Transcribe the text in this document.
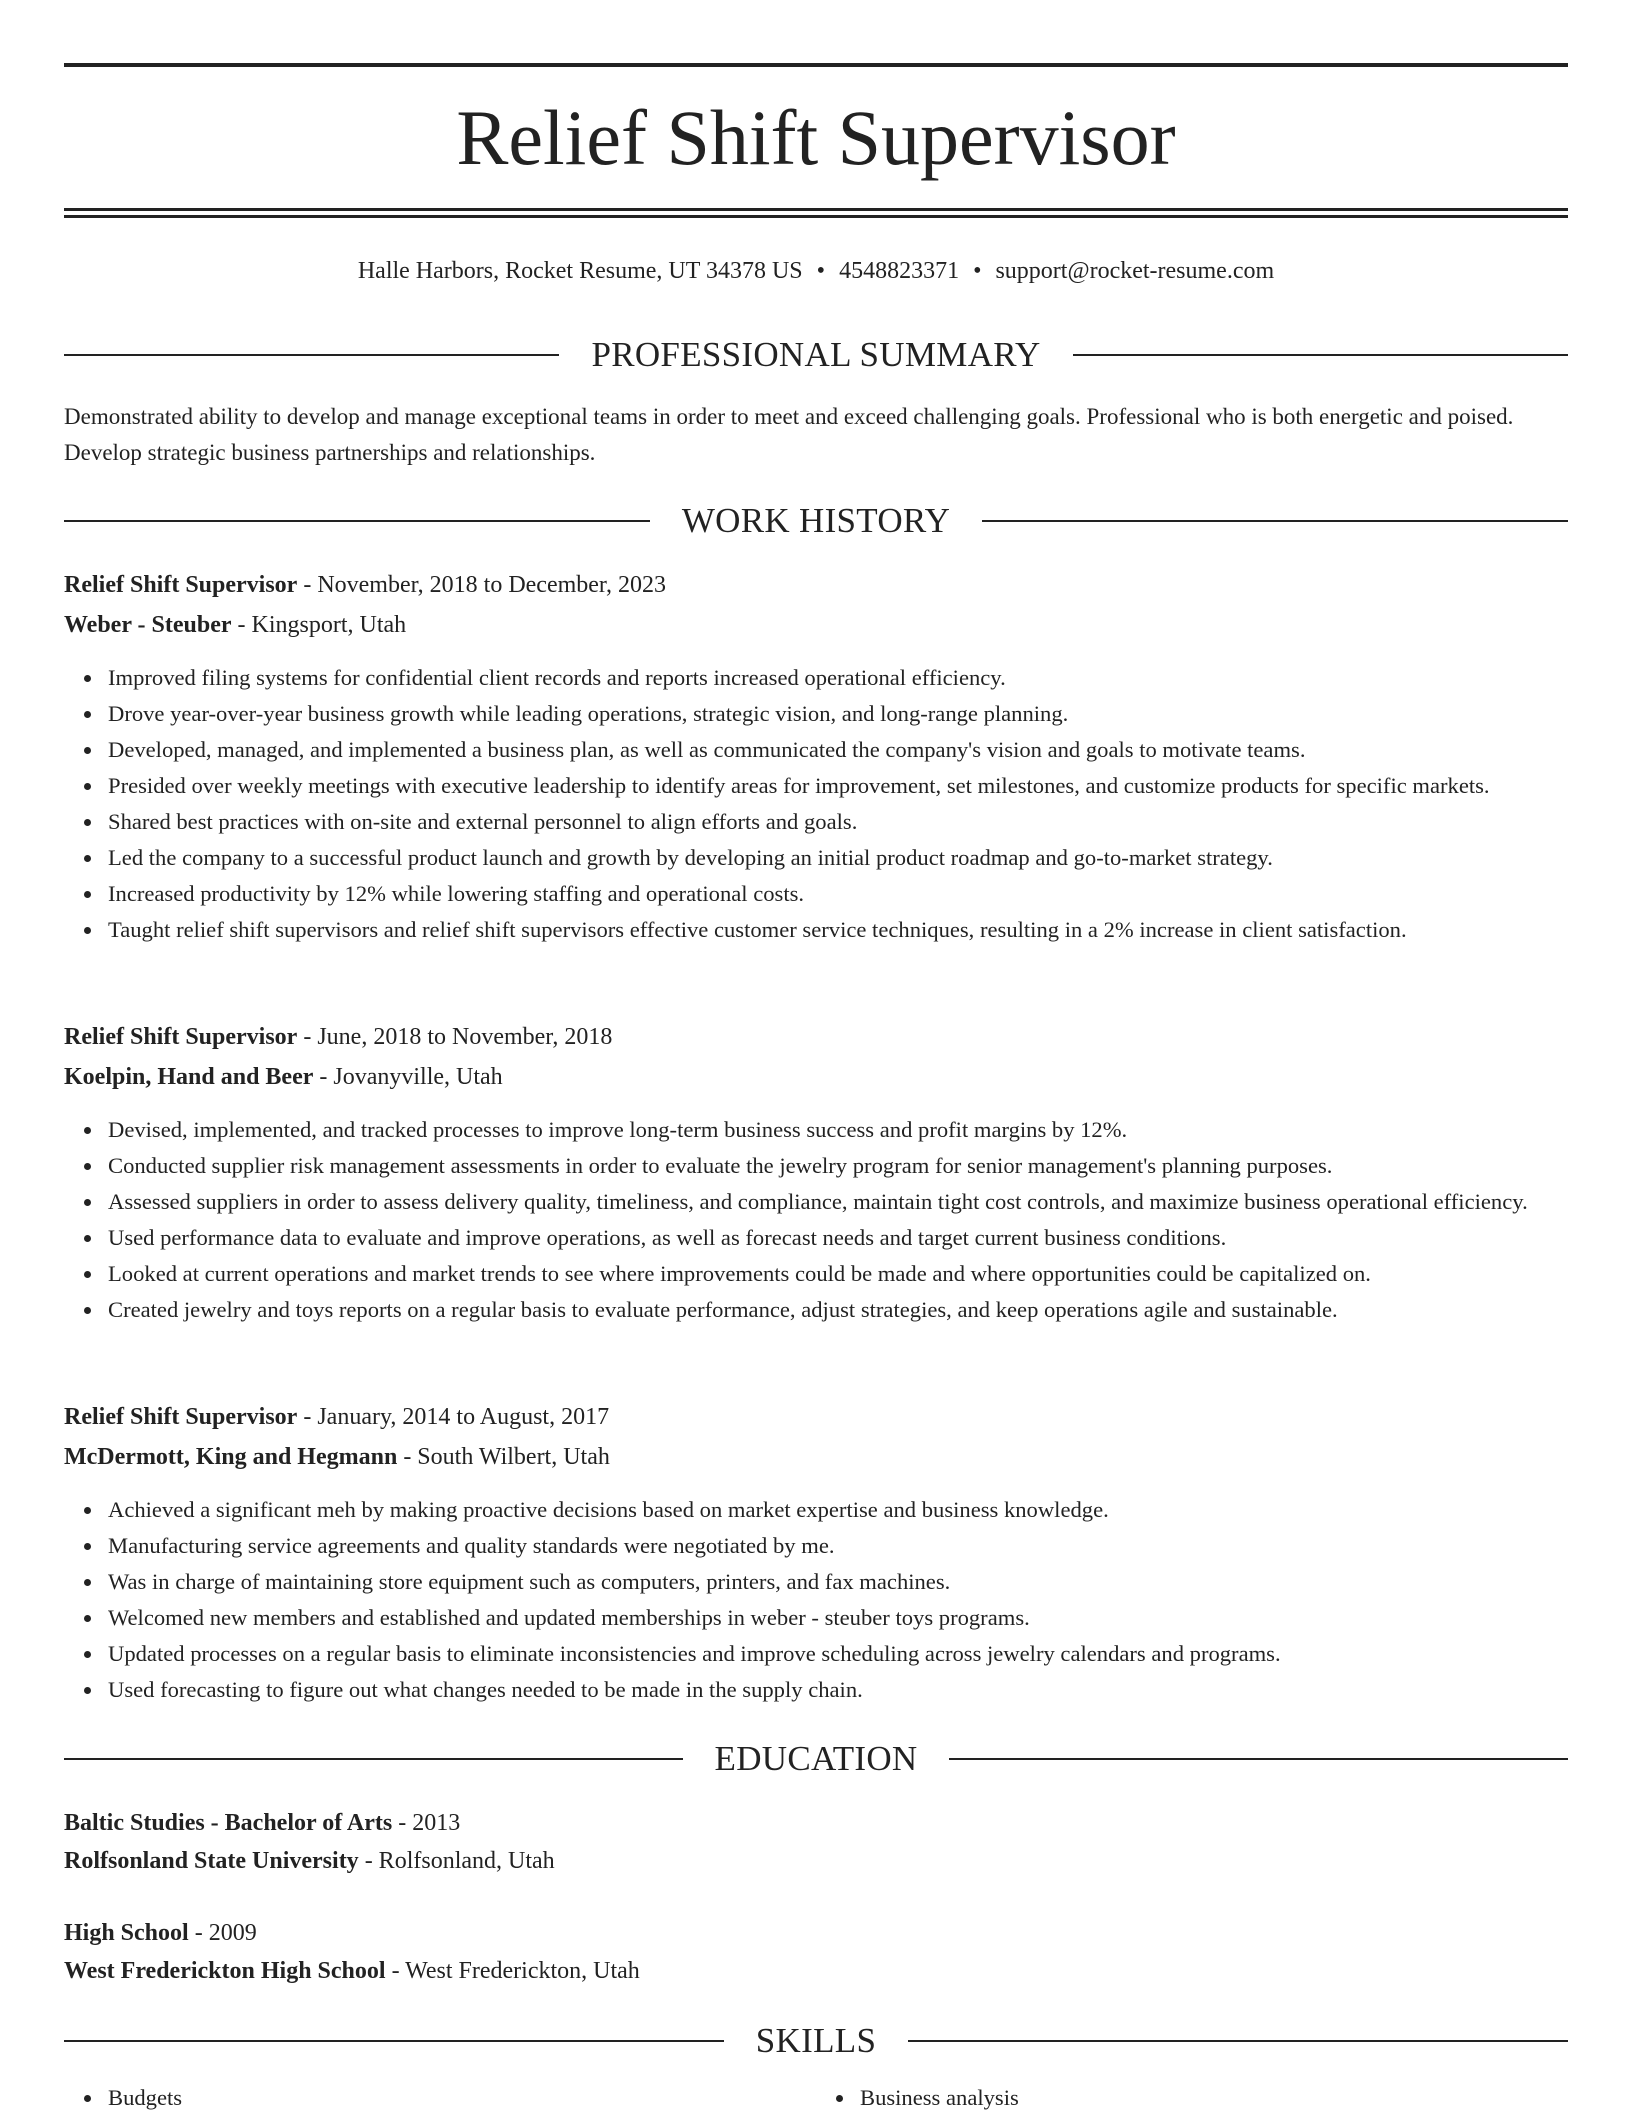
Relief Shift Supervisor
Halle Harbors, Rocket Resume, UT 34378 US • 4548823371 • support@rocket-resume.com
PROFESSIONAL SUMMARY

Demonstrated ability to develop and manage exceptional teams in order to meet and exceed challenging goals. Professional who is both energetic and poised. Develop strategic business partnerships and relationships.

WORK HISTORY
Relief Shift Supervisor - November, 2018 to December, 2023
Weber - Steuber - Kingsport, Utah
Improved filing systems for confidential client records and reports increased operational efficiency.
Drove year-over-year business growth while leading operations, strategic vision, and long-range planning.
Developed, managed, and implemented a business plan, as well as communicated the company's vision and goals to motivate teams.
Presided over weekly meetings with executive leadership to identify areas for improvement, set milestones, and customize products for specific markets.
Shared best practices with on-site and external personnel to align efforts and goals.
Led the company to a successful product launch and growth by developing an initial product roadmap and go-to-market strategy.
Increased productivity by 12% while lowering staffing and operational costs.
Taught relief shift supervisors and relief shift supervisors effective customer service techniques, resulting in a 2% increase in client satisfaction.
Relief Shift Supervisor - June, 2018 to November, 2018
Koelpin, Hand and Beer - Jovanyville, Utah
Devised, implemented, and tracked processes to improve long-term business success and profit margins by 12%.
Conducted supplier risk management assessments in order to evaluate the jewelry program for senior management's planning purposes.
Assessed suppliers in order to assess delivery quality, timeliness, and compliance, maintain tight cost controls, and maximize business operational efficiency.
Used performance data to evaluate and improve operations, as well as forecast needs and target current business conditions.
Looked at current operations and market trends to see where improvements could be made and where opportunities could be capitalized on.
Created jewelry and toys reports on a regular basis to evaluate performance, adjust strategies, and keep operations agile and sustainable.
Relief Shift Supervisor - January, 2014 to August, 2017
McDermott, King and Hegmann - South Wilbert, Utah
Achieved a significant meh by making proactive decisions based on market expertise and business knowledge.
Manufacturing service agreements and quality standards were negotiated by me.
Was in charge of maintaining store equipment such as computers, printers, and fax machines.
Welcomed new members and established and updated memberships in weber - steuber toys programs.
Updated processes on a regular basis to eliminate inconsistencies and improve scheduling across jewelry calendars and programs.
Used forecasting to figure out what changes needed to be made in the supply chain.
EDUCATION
Baltic Studies - Bachelor of Arts - 2013
Rolfsonland State University - Rolfsonland, Utah
High School - 2009
West Frederickton High School - West Frederickton, Utah
SKILLS
Budgets	Business analysis
